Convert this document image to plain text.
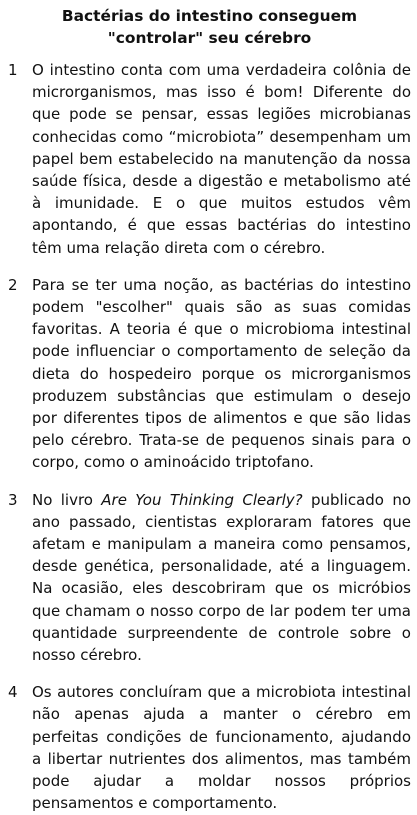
Bactérias do intestino conseguem "controlar" seu cérebro
1 O intestino conta com uma verdadeira colônia de microrganismos, mas isso é bom! Diferente do que pode se pensar, essas legiões microbianas conhecidas como “microbiota” desempenham um papel bem estabelecido na manutenção da nossa saúde física, desde a digestão e metabolismo até à imunidade. E o que muitos estudos vêm apontando, é que essas bactérias do intestino têm uma relação direta com o cérebro.
2 Para se ter uma noção, as bactérias do intestino podem "escolher" quais são as suas comidas favoritas. A teoria é que o microbioma intestinal pode influenciar o comportamento de seleção da dieta do hospedeiro porque os microrganismos produzem substâncias que estimulam o desejo por diferentes tipos de alimentos e que são lidas pelo cérebro. Trata-se de pequenos sinais para o corpo, como o aminoácido triptofano.
3 No livro Are You Thinking Clearly? publicado no ano passado, cientistas exploraram fatores que afetam e manipulam a maneira como pensamos, desde genética, personalidade, até a linguagem. Na ocasião, eles descobriram que os micróbios que chamam o nosso corpo de lar podem ter uma quantidade surpreendente de controle sobre o nosso cérebro.
4 Os autores concluíram que a microbiota intestinal não apenas ajuda a manter o cérebro em perfeitas condições de funcionamento, ajudando a libertar nutrientes dos alimentos, mas também pode ajudar a moldar nossos próprios pensamentos e comportamento.
